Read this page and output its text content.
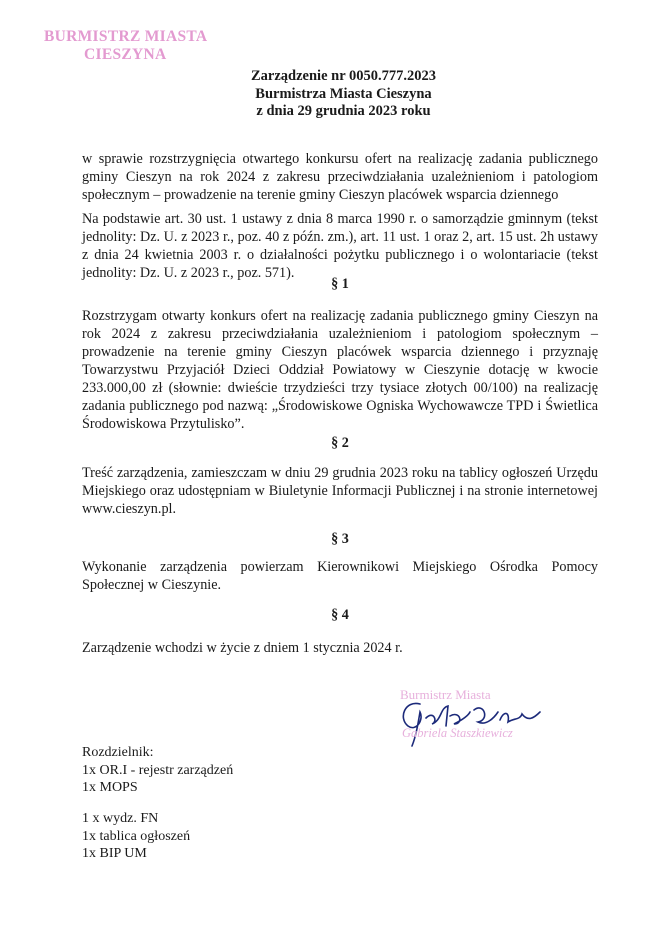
BURMISTRZ MIASTA
CIESZYNA
Zarządzenie nr 0050.777.2023
Burmistrza Miasta Cieszyna
z dnia 29 grudnia 2023 roku
w sprawie rozstrzygnięcia otwartego konkursu ofert na realizację zadania publicznego gminy Cieszyn na rok 2024 z zakresu przeciwdziałania uzależnieniom i patologiom społecznym – prowadzenie na terenie gminy Cieszyn placówek wsparcia dziennego
Na podstawie art. 30 ust. 1 ustawy z dnia 8 marca 1990 r. o samorządzie gminnym (tekst jednolity: Dz. U. z 2023 r., poz. 40 z późn. zm.), art. 11 ust. 1 oraz 2, art. 15 ust. 2h ustawy z dnia 24 kwietnia 2003 r. o działalności pożytku publicznego i o wolontariacie (tekst jednolity: Dz. U. z 2023 r., poz. 571).
§ 1
Rozstrzygam otwarty konkurs ofert na realizację zadania publicznego gminy Cieszyn na rok 2024 z zakresu przeciwdziałania uzależnieniom i patologiom społecznym – prowadzenie na terenie gminy Cieszyn placówek wsparcia dziennego i przyznaję Towarzystwu Przyjaciół Dzieci Oddział Powiatowy w Cieszynie dotację w kwocie 233.000,00 zł (słownie: dwieście trzydzieści trzy tysiace złotych 00/100) na realizację zadania publicznego pod nazwą: „Środowiskowe Ogniska Wychowawcze TPD i Świetlica Środowiskowa Przytulisko”.
§ 2
Treść zarządzenia, zamieszczam w dniu 29 grudnia 2023 roku na tablicy ogłoszeń Urzędu Miejskiego oraz udostępniam w Biuletynie Informacji Publicznej i na stronie internetowej www.cieszyn.pl.
§ 3
Wykonanie zarządzenia powierzam Kierownikowi Miejskiego Ośrodka Pomocy Społecznej w Cieszynie.
§ 4
Zarządzenie wchodzi w życie z dniem 1 stycznia 2024 r.
Burmistrz Miasta
Gabriela Staszkiewicz
Rozdzielnik:
1x OR.I - rejestr zarządzeń
1x MOPS
1 x wydz. FN
1x tablica ogłoszeń
1x BIP UM
